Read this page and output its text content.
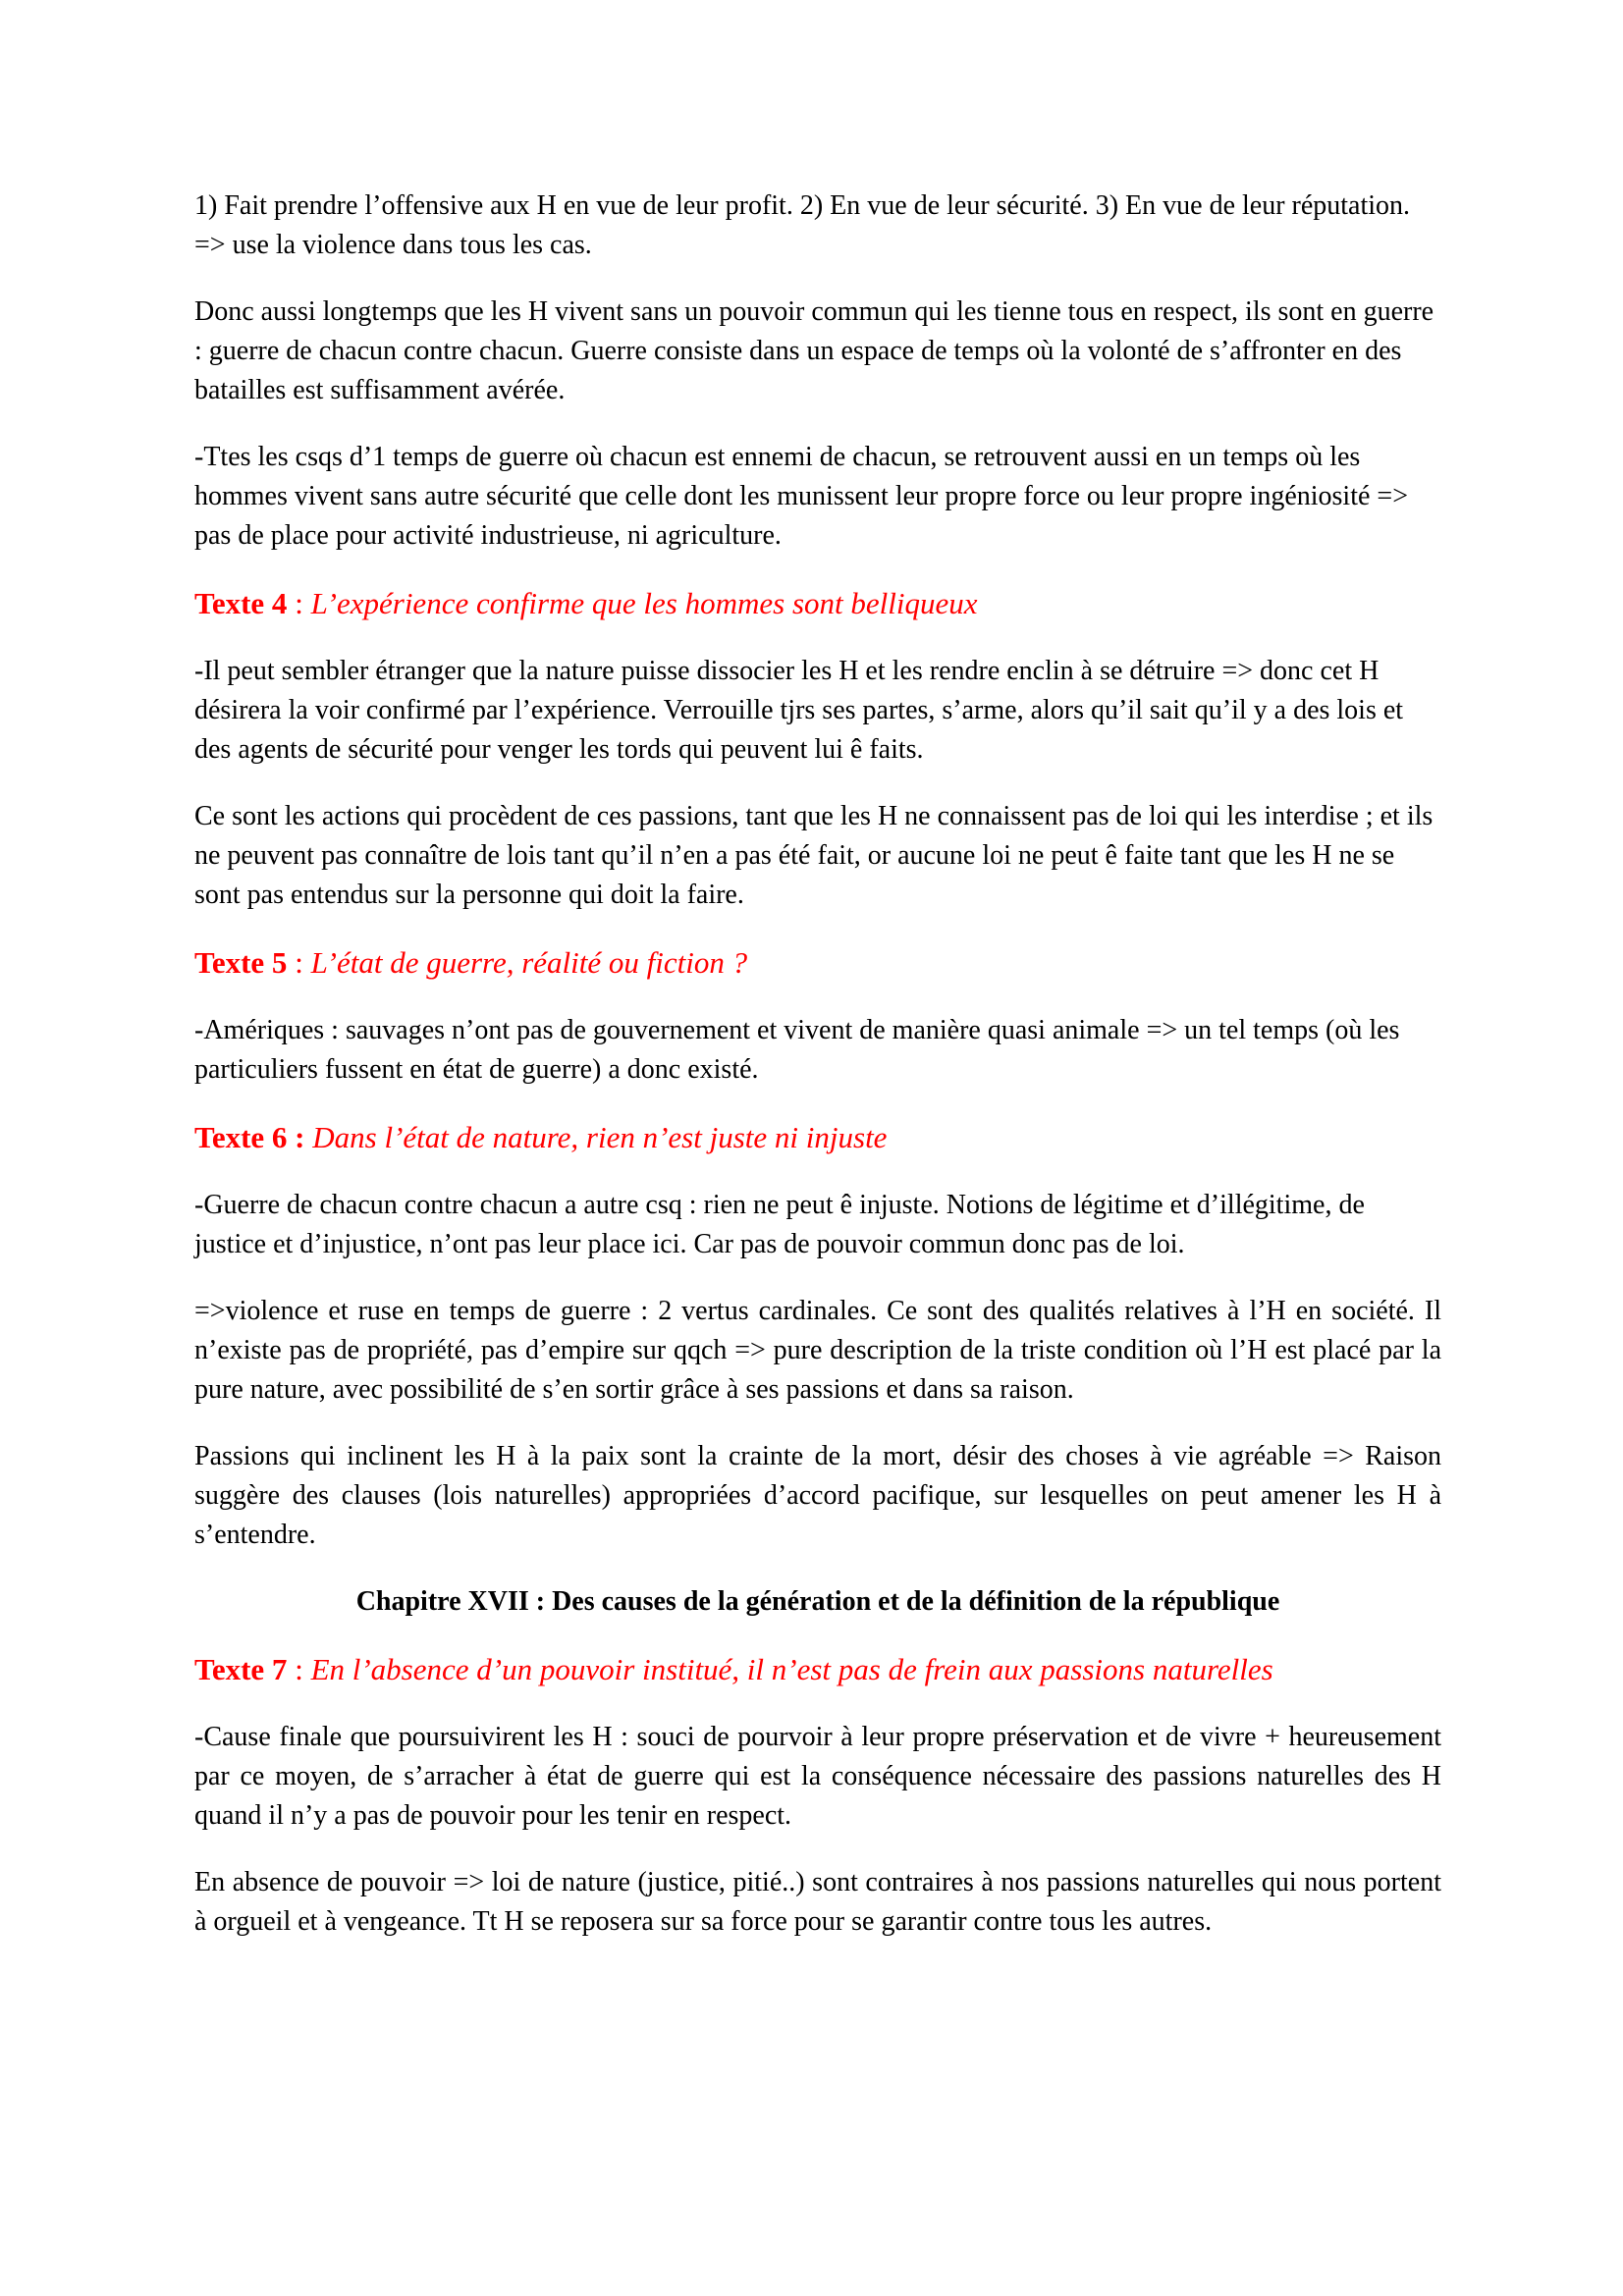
1) Fait prendre l’offensive aux H en vue de leur profit. 2) En vue de leur sécurité. 3) En vue de leur réputation. => use la violence dans tous les cas.

Donc aussi longtemps que les H vivent sans un pouvoir commun qui les tienne tous en respect, ils sont en guerre : guerre de chacun contre chacun. Guerre consiste dans un espace de temps où la volonté de s’affronter en des batailles est suffisamment avérée.

-Ttes les csqs d’1 temps de guerre où chacun est ennemi de chacun, se retrouvent aussi en un temps où les hommes vivent sans autre sécurité que celle dont les munissent leur propre force ou leur propre ingéniosité => pas de place pour activité industrieuse, ni agriculture.

Texte 4 : L’expérience confirme que les hommes sont belliqueux

-Il peut sembler étranger que la nature puisse dissocier les H et les rendre enclin à se détruire => donc cet H désirera la voir confirmé par l’expérience. Verrouille tjrs ses partes, s’arme, alors qu’il sait qu’il y a des lois et des agents de sécurité pour venger les tords qui peuvent lui ê faits.

Ce sont les actions qui procèdent de ces passions, tant que les H ne connaissent pas de loi qui les interdise ; et ils ne peuvent pas connaître de lois tant qu’il n’en a pas été fait, or aucune loi ne peut ê faite tant que les H ne se sont pas entendus sur la personne qui doit la faire.

Texte 5 : L’état de guerre, réalité ou fiction ?

-Amériques : sauvages n’ont pas de gouvernement et vivent de manière quasi animale => un tel temps (où les particuliers fussent en état de guerre) a donc existé.

Texte 6 : Dans l’état de nature, rien n’est juste ni injuste

-Guerre de chacun contre chacun a autre csq : rien ne peut ê injuste. Notions de légitime et d’illégitime, de justice et d’injustice, n’ont pas leur place ici. Car pas de pouvoir commun donc pas de loi.

=>violence et ruse en temps de guerre : 2 vertus cardinales. Ce sont des qualités relatives à l’H en société. Il n’existe pas de propriété, pas d’empire sur qqch => pure description de la triste condition où l’H est placé par la pure nature, avec possibilité de s’en sortir grâce à ses passions et dans sa raison.

Passions qui inclinent les H à la paix sont la crainte de la mort, désir des choses à vie agréable => Raison suggère des clauses (lois naturelles) appropriées d’accord pacifique, sur lesquelles on peut amener les H à s’entendre.

Chapitre XVII : Des causes de la génération et de la définition de la république
Texte 7 : En l’absence d’un pouvoir institué, il n’est pas de frein aux passions naturelles

-Cause finale que poursuivirent les H : souci de pourvoir à leur propre préservation et de vivre + heureusement par ce moyen, de s’arracher à état de guerre qui est la conséquence nécessaire des passions naturelles des H quand il n’y a pas de pouvoir pour les tenir en respect.

En absence de pouvoir => loi de nature (justice, pitié..) sont contraires à nos passions naturelles qui nous portent à orgueil et à vengeance. Tt H se reposera sur sa force pour se garantir contre tous les autres.
